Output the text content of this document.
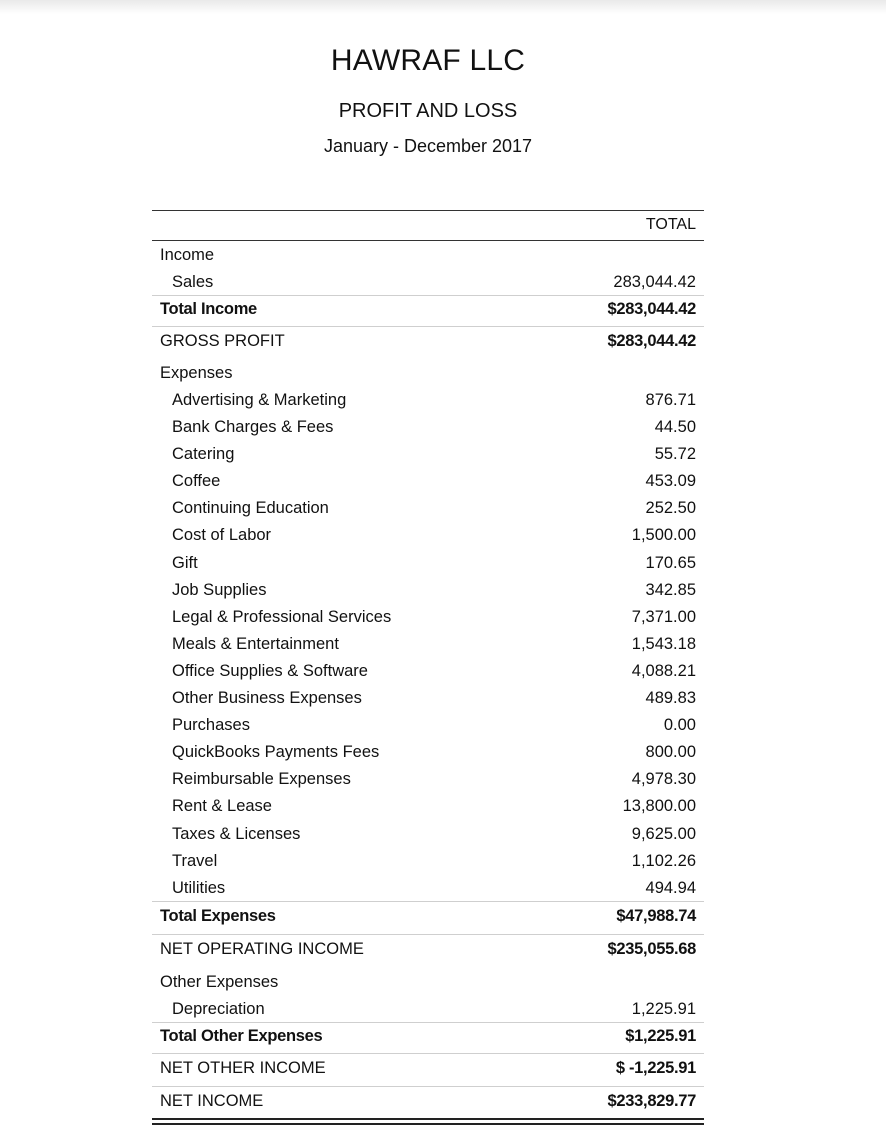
HAWRAF LLC
PROFIT AND LOSS
January - December 2017
TOTAL
Income
Sales	283,044.42
Total Income	$283,044.42
GROSS PROFIT	$283,044.42
Expenses
Advertising & Marketing	876.71
Bank Charges & Fees	44.50
Catering	55.72
Coffee	453.09
Continuing Education	252.50
Cost of Labor	1,500.00
Gift	170.65
Job Supplies	342.85
Legal & Professional Services	7,371.00
Meals & Entertainment	1,543.18
Office Supplies & Software	4,088.21
Other Business Expenses	489.83
Purchases	0.00
QuickBooks Payments Fees	800.00
Reimbursable Expenses	4,978.30
Rent & Lease	13,800.00
Taxes & Licenses	9,625.00
Travel	1,102.26
Utilities	494.94
Total Expenses	$47,988.74
NET OPERATING INCOME	$235,055.68
Other Expenses
Depreciation	1,225.91
Total Other Expenses	$1,225.91
NET OTHER INCOME	$ -1,225.91
NET INCOME	$233,829.77
